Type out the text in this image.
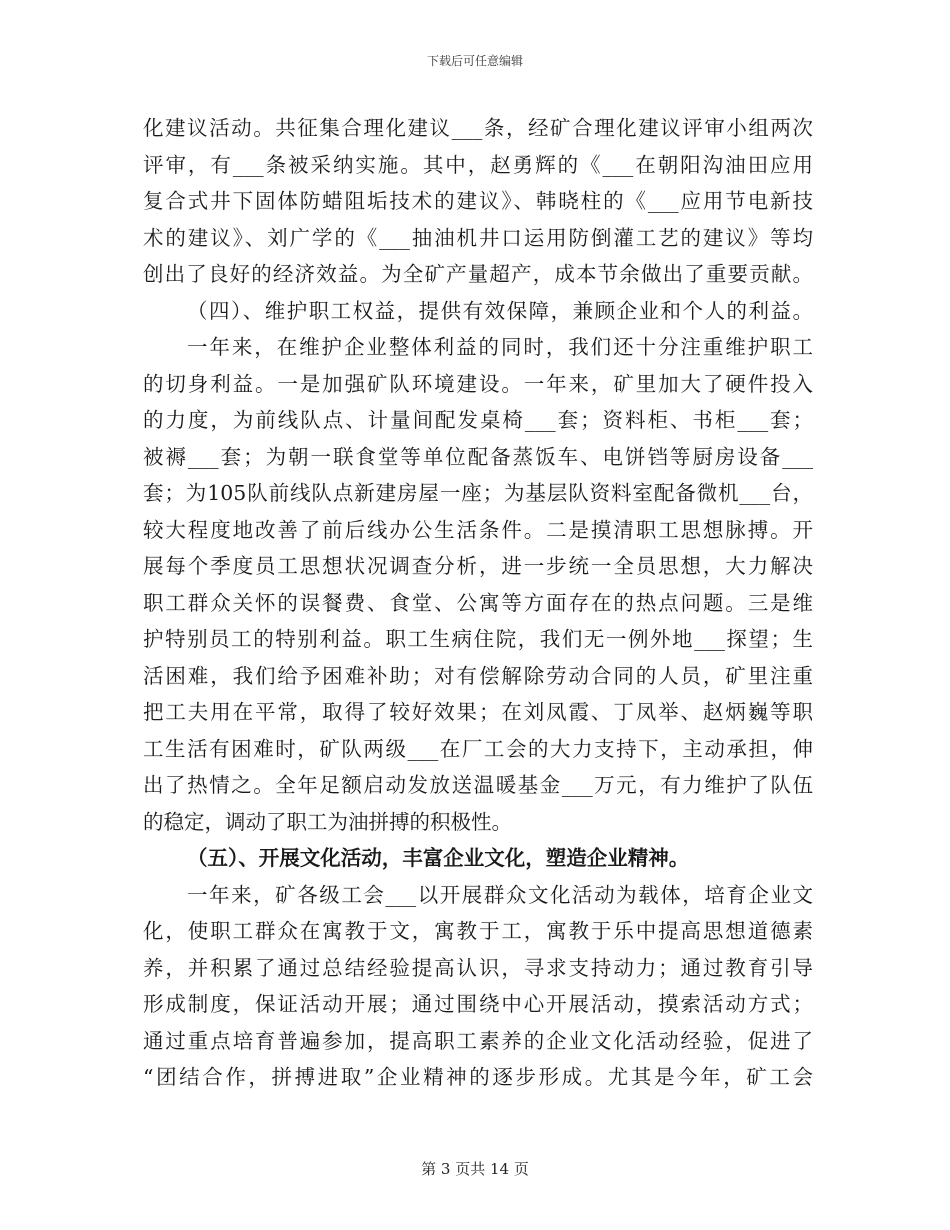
下载后可任意编辑
化建议活动。共征集合理化建议___条，经矿合理化建议评审小组两次
评审，有___条被采纳实施。其中，赵勇辉的《___在朝阳沟油田应用
复合式井下固体防蜡阻垢技术的建议》、韩晓柱的《___应用节电新技
术的建议》、刘广学的《___抽油机井口运用防倒灌工艺的建议》等均
创出了良好的经济效益。为全矿产量超产，成本节余做出了重要贡献。
（四）、维护职工权益，提供有效保障，兼顾企业和个人的利益。
一年来，在维护企业整体利益的同时，我们还十分注重维护职工
的切身利益。一是加强矿队环境建设。一年来，矿里加大了硬件投入
的力度，为前线队点、计量间配发桌椅___套；资料柜、书柜___套；
被褥___套；为朝一联食堂等单位配备蒸饭车、电饼铛等厨房设备___
套；为105队前线队点新建房屋一座；为基层队资料室配备微机___台，
较大程度地改善了前后线办公生活条件。二是摸清职工思想脉搏。开
展每个季度员工思想状况调查分析，进一步统一全员思想，大力解决
职工群众关怀的误餐费、食堂、公寓等方面存在的热点问题。三是维
护特别员工的特别利益。职工生病住院，我们无一例外地___探望；生
活困难，我们给予困难补助；对有偿解除劳动合同的人员，矿里注重
把工夫用在平常，取得了较好效果；在刘凤霞、丁凤举、赵炳巍等职
工生活有困难时，矿队两级___在厂工会的大力支持下，主动承担，伸
出了热情之。全年足额启动发放送温暖基金___万元，有力维护了队伍
的稳定，调动了职工为油拼搏的积极性。
（五）、开展文化活动，丰富企业文化，塑造企业精神。
一年来，矿各级工会___以开展群众文化活动为载体，培育企业文
化，使职工群众在寓教于文，寓教于工，寓教于乐中提高思想道德素
养，并积累了通过总结经验提高认识，寻求支持动力；通过教育引导
形成制度，保证活动开展；通过围绕中心开展活动，摸索活动方式；
通过重点培育普遍参加，提高职工素养的企业文化活动经验，促进了
“团结合作，拼搏进取”企业精神的逐步形成。尤其是今年，矿工会
第 3 页共 14 页
